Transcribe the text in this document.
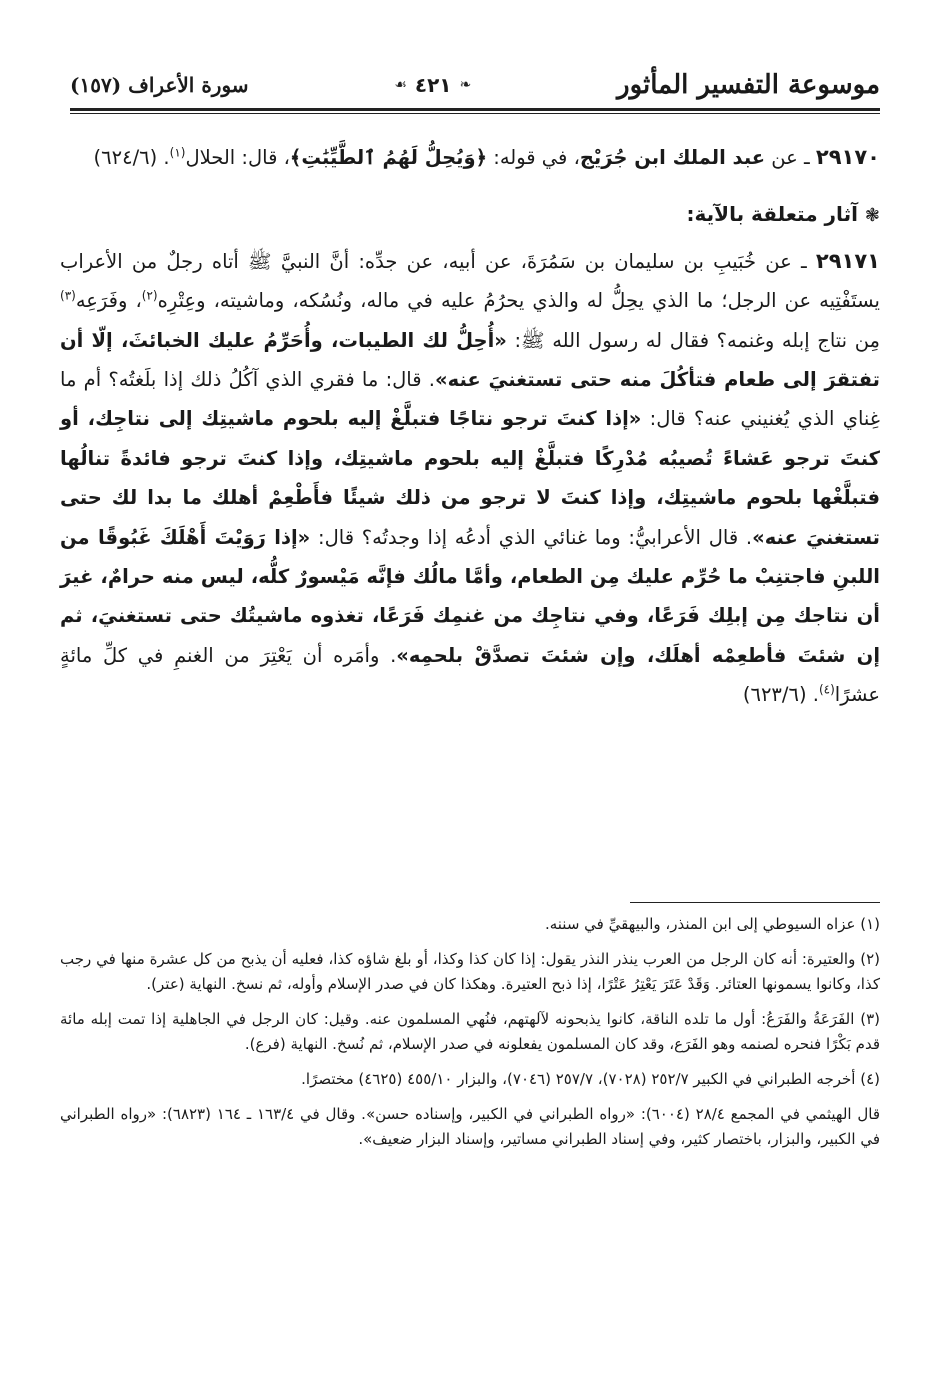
موسوعة التفسير المأثور
❧
٤٢١
☙
سورة الأعراف (١٥٧)

٢٩١٧٠ ـ عن عبد الملك ابن جُرَيْج، في قوله: ﴿وَيُحِلُّ لَهُمُ ٱلطَّيِّبَٰتِ﴾، قال: الحلال$^{(١)}$. (٦٢٤/٦)

❃ آثار متعلقة بالآية:

٢٩١٧١ ـ عن خُبَيبِ بن سليمان بن سَمُرَةَ، عن أبيه، عن جدِّه: أنَّ النبيَّ ﷺ أتاه رجلٌ من الأعراب يستَفْتِيه عن الرجل؛ ما الذي يحِلُّ له والذي يحرُمُ عليه في ماله، ونُسُكه، وماشيته، وعِتْرِه$^{(٢)}$، وفَرَعِه$^{(٣)}$ مِن نتاج إبله وغنمه؟ فقال له رسول الله ﷺ: «أُحِلُّ لك الطيبات، وأُحَرِّمُ عليك الخبائثَ، إلّا أن تفتقرَ إلى طعام فتأكُلَ منه حتى تستغنيَ عنه». قال: ما فقري الذي آكُلُ ذلك إذا بلَغتُه؟ أم ما غِناي الذي يُغنيني عنه؟ قال: «إذا كنتَ ترجو نتاجًا فتبلَّغْ إليه بلحوم ماشيتِك إلى نتاجِك، أو كنتَ ترجو عَشاءً تُصيبُه مُدْرِكًا فتبلَّغْ إليه بلحوم ماشيتِك، وإذا كنتَ ترجو فائدةً تنالُها فتبلَّغْها بلحوم ماشيتِك، وإذا كنتَ لا ترجو من ذلك شيئًا فأَطْعِمْ أهلك ما بدا لك حتى تستغنيَ عنه». قال الأعرابيُّ: وما غنائي الذي أدعُه إذا وجدتُه؟ قال: «إذا رَوَيْتَ أَهْلَكَ غَبُوقًا من اللبنِ فاجتنِبْ ما حُرِّم عليك مِن الطعام، وأمَّا مالُك فإنَّه مَيْسورٌ كلُّه، ليس منه حرامٌ، غيرَ أن نتاجك مِن إبلِك فَرَعًا، وفي نتاجِك من غنمِك فَرَعًا، تغذوه ماشيتُك حتى تستغنيَ، ثم إن شئتَ فأطعِمْه أهلَك، وإن شئتَ تصدَّقْ بلحمِه». وأمَره أن يَعْتِرَ من الغنمِ في كلِّ مائةٍ عشرًا$^{(٤)}$. (٦٢٣/٦)

(١) عزاه السيوطي إلى ابن المنذر، والبيهقيِّ في سننه.

(٢) والعتيرة: أنه كان الرجل من العرب ينذر النذر يقول: إذا كان كذا وكذا، أو بلغ شاؤه كذا، فعليه أن يذبح من كل عشرة منها في رجب كذا، وكانوا يسمونها العتائر. وَقَدْ عَتَرَ يَعْتِرُ عَتْرًا، إذا ذبح العتيرة. وهكذا كان في صدر الإسلام وأوله، ثم نسخ. النهاية (عتر).

(٣) الفَرَعَةُ والفَرَعُ: أول ما تلده الناقة، كانوا يذبحونه لآلهتهم، فنُهي المسلمون عنه. وقيل: كان الرجل في الجاهلية إذا تمت إبله مائة قدم بَكْرًا فنحره لصنمه وهو الفَرَع، وقد كان المسلمون يفعلونه في صدر الإسلام، ثم نُسخ. النهاية (فرع).

(٤) أخرجه الطبراني في الكبير ٢٥٢/٧ (٧٠٢٨)، ٢٥٧/٧ (٧٠٤٦)، والبزار ٤٥٥/١٠ (٤٦٢٥) مختصرًا.

قال الهيثمي في المجمع ٢٨/٤ (٦٠٠٤): «رواه الطبراني في الكبير، وإسناده حسن». وقال في ١٦٣/٤ ـ ١٦٤ (٦٨٢٣): «رواه الطبراني في الكبير، والبزار، باختصار كثير، وفي إسناد الطبراني مساتير، وإسناد البزار ضعيف».
